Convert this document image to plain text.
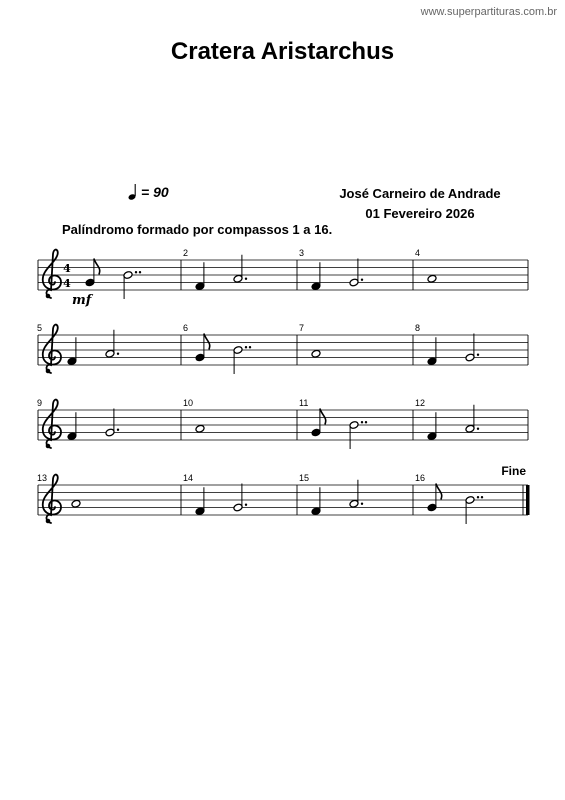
www.superpartituras.com.br
Cratera Aristarchus
= 90	José Carneiro de Andrade
01 Fevereiro 2026
Palíndromo formado por compassos 1 a 16.
4
4
mf
2	3	4
5	6	7	8
9	10	11	12
13	14	15	16	Fine
